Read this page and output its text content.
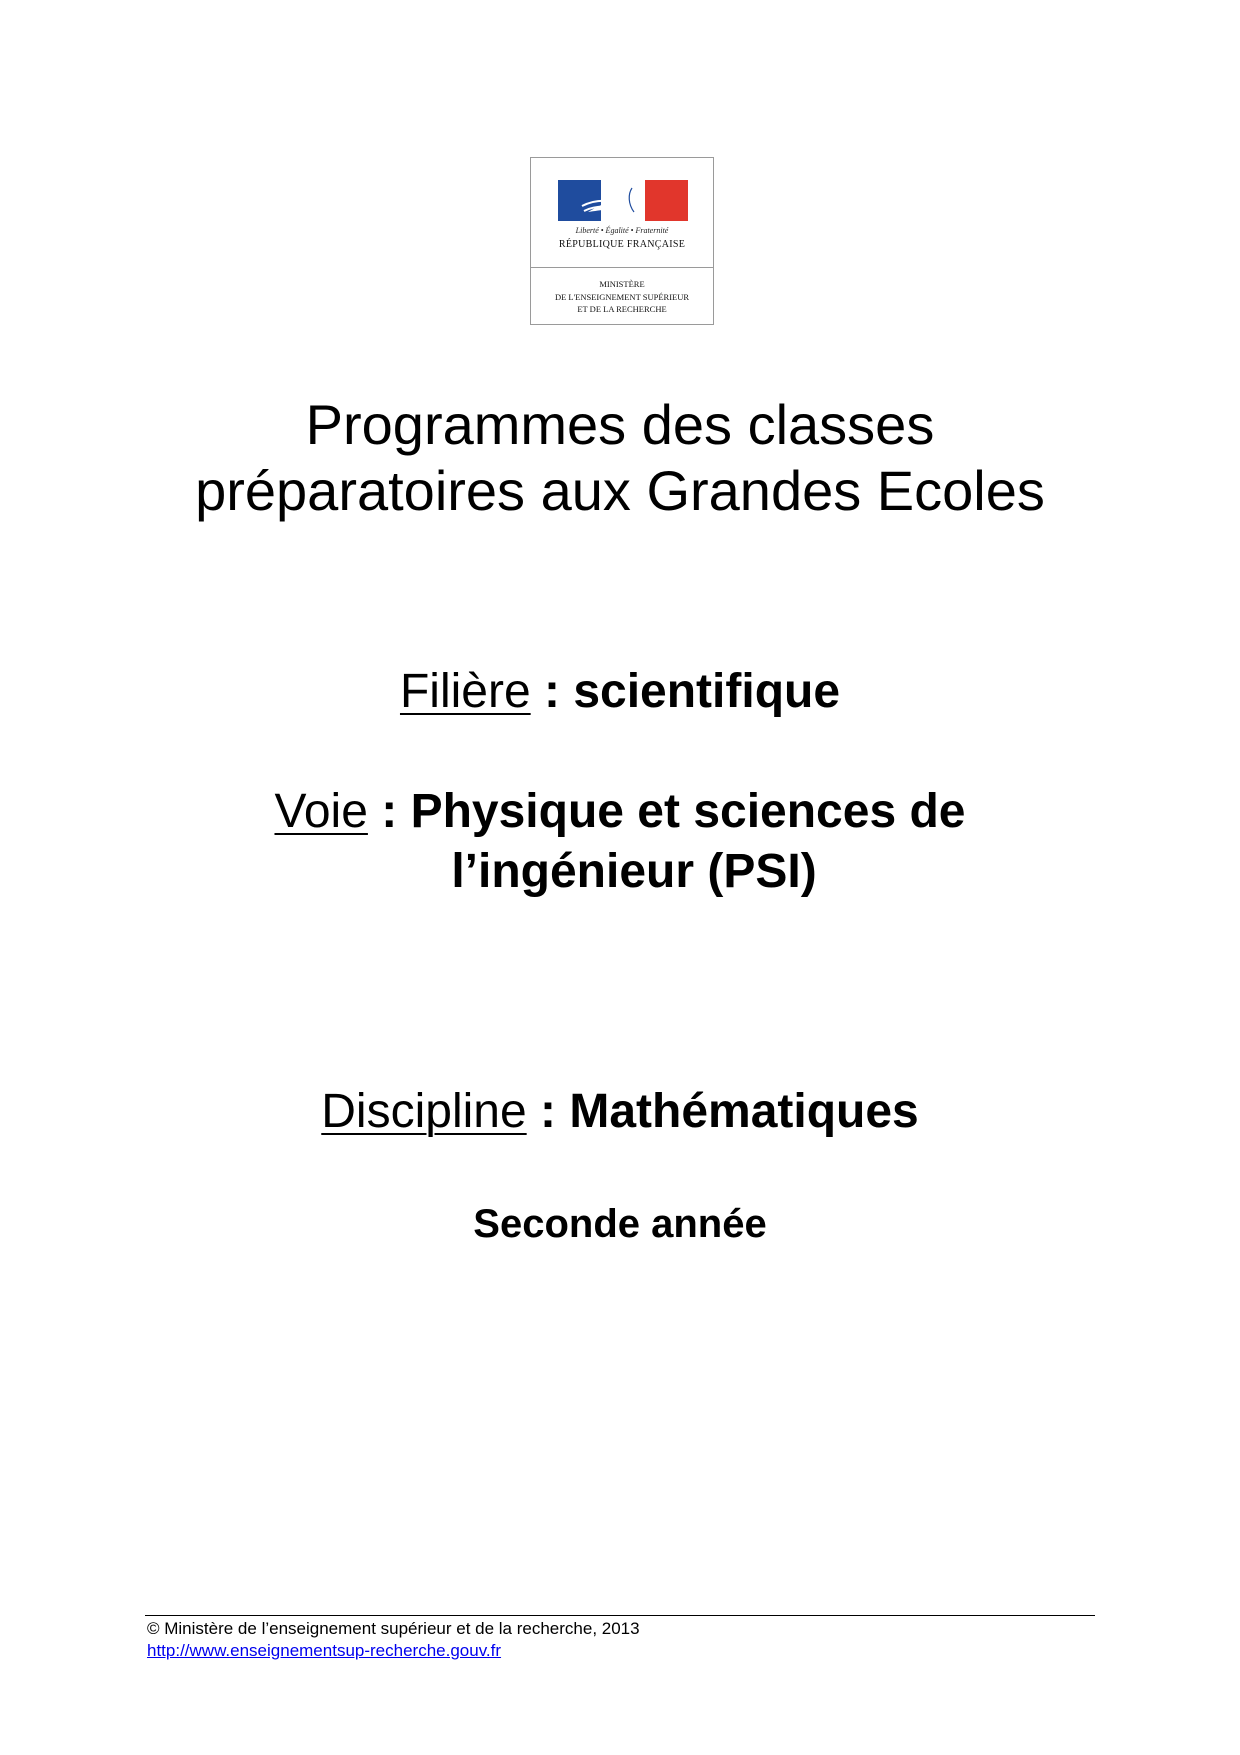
Liberté • Égalité • Fraternité
RÉPUBLIQUE FRANÇAISE
MINISTÈRE
DE L'ENSEIGNEMENT SUPÉRIEUR
ET DE LA RECHERCHE
Programmes des classes
préparatoires aux Grandes Ecoles
Filière : scientifique
Voie : Physique et sciences de
l’ingénieur (PSI)
Discipline : Mathématiques
Seconde année
© Ministère de l’enseignement supérieur et de la recherche, 2013
http://www.enseignementsup-recherche.gouv.fr
